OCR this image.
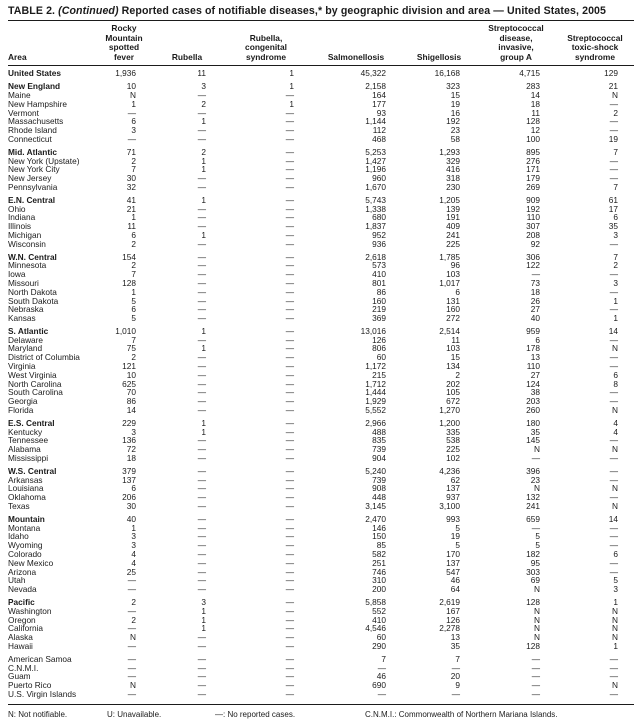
TABLE 2. (Continued) Reported cases of notifiable diseases,* by geographic division and area — United States, 2005
Area	Rocky
Mountain
spotted
fever	Rubella	Rubella,
congenital
syndrome	Salmonellosis	Shigellosis	Streptococcal
disease,
invasive,
group A	Streptococcal
toxic-shock
syndrome
United States	1,936	11	1	45,322	16,168	4,715	129
New England	10	3	1	2,158	323	283	21
Maine	N	—	—	164	15	14	N
New Hampshire	1	2	1	177	19	18	—
Vermont	—	—	—	93	16	11	2
Massachusetts	6	1	—	1,144	192	128	—
Rhode Island	3	—	—	112	23	12	—
Connecticut	—	—	—	468	58	100	19
Mid. Atlantic	71	2	—	5,253	1,293	895	7
New York (Upstate)	2	1	—	1,427	329	276	—
New York City	7	1	—	1,196	416	171	—
New Jersey	30	—	—	960	318	179	—
Pennsylvania	32	—	—	1,670	230	269	7
E.N. Central	41	1	—	5,743	1,205	909	61
Ohio	21	—	—	1,338	139	192	17
Indiana	1	—	—	680	191	110	6
Illinois	11	—	—	1,837	409	307	35
Michigan	6	1	—	952	241	208	3
Wisconsin	2	—	—	936	225	92	—
W.N. Central	154	—	—	2,618	1,785	306	7
Minnesota	2	—	—	573	96	122	2
Iowa	7	—	—	410	103	—	—
Missouri	128	—	—	801	1,017	73	3
North Dakota	1	—	—	86	6	18	—
South Dakota	5	—	—	160	131	26	1
Nebraska	6	—	—	219	160	27	—
Kansas	5	—	—	369	272	40	1
S. Atlantic	1,010	1	—	13,016	2,514	959	14
Delaware	7	—	—	126	11	6	—
Maryland	75	1	—	806	103	178	N
District of Columbia	2	—	—	60	15	13	—
Virginia	121	—	—	1,172	134	110	—
West Virginia	10	—	—	215	2	27	6
North Carolina	625	—	—	1,712	202	124	8
South Carolina	70	—	—	1,444	105	38	—
Georgia	86	—	—	1,929	672	203	—
Florida	14	—	—	5,552	1,270	260	N
E.S. Central	229	1	—	2,966	1,200	180	4
Kentucky	3	1	—	488	335	35	4
Tennessee	136	—	—	835	538	145	—
Alabama	72	—	—	739	225	N	N
Mississippi	18	—	—	904	102	—	—
W.S. Central	379	—	—	5,240	4,236	396	—
Arkansas	137	—	—	739	62	23	—
Louisiana	6	—	—	908	137	N	N
Oklahoma	206	—	—	448	937	132	—
Texas	30	—	—	3,145	3,100	241	N
Mountain	40	—	—	2,470	993	659	14
Montana	1	—	—	146	5	—	—
Idaho	3	—	—	150	19	5	—
Wyoming	3	—	—	85	5	5	—
Colorado	4	—	—	582	170	182	6
New Mexico	4	—	—	251	137	95	—
Arizona	25	—	—	746	547	303	—
Utah	—	—	—	310	46	69	5
Nevada	—	—	—	200	64	N	3
Pacific	2	3	—	5,858	2,619	128	1
Washington	—	1	—	552	167	N	N
Oregon	2	1	—	410	126	N	N
California	—	1	—	4,546	2,278	N	N
Alaska	N	—	—	60	13	N	N
Hawaii	—	—	—	290	35	128	1
American Samoa	—	—	—	7	7	—	—
C.N.M.I.	—	—	—	—	—	—	—
Guam	—	—	—	46	20	—	—
Puerto Rico	N	—	—	690	9	—	N
U.S. Virgin Islands	—	—	—	—	—	—	—
N: Not notifiable.	U: Unavailable.	—: No reported cases.	C.N.M.I.: Commonwealth of Northern Mariana Islands.
